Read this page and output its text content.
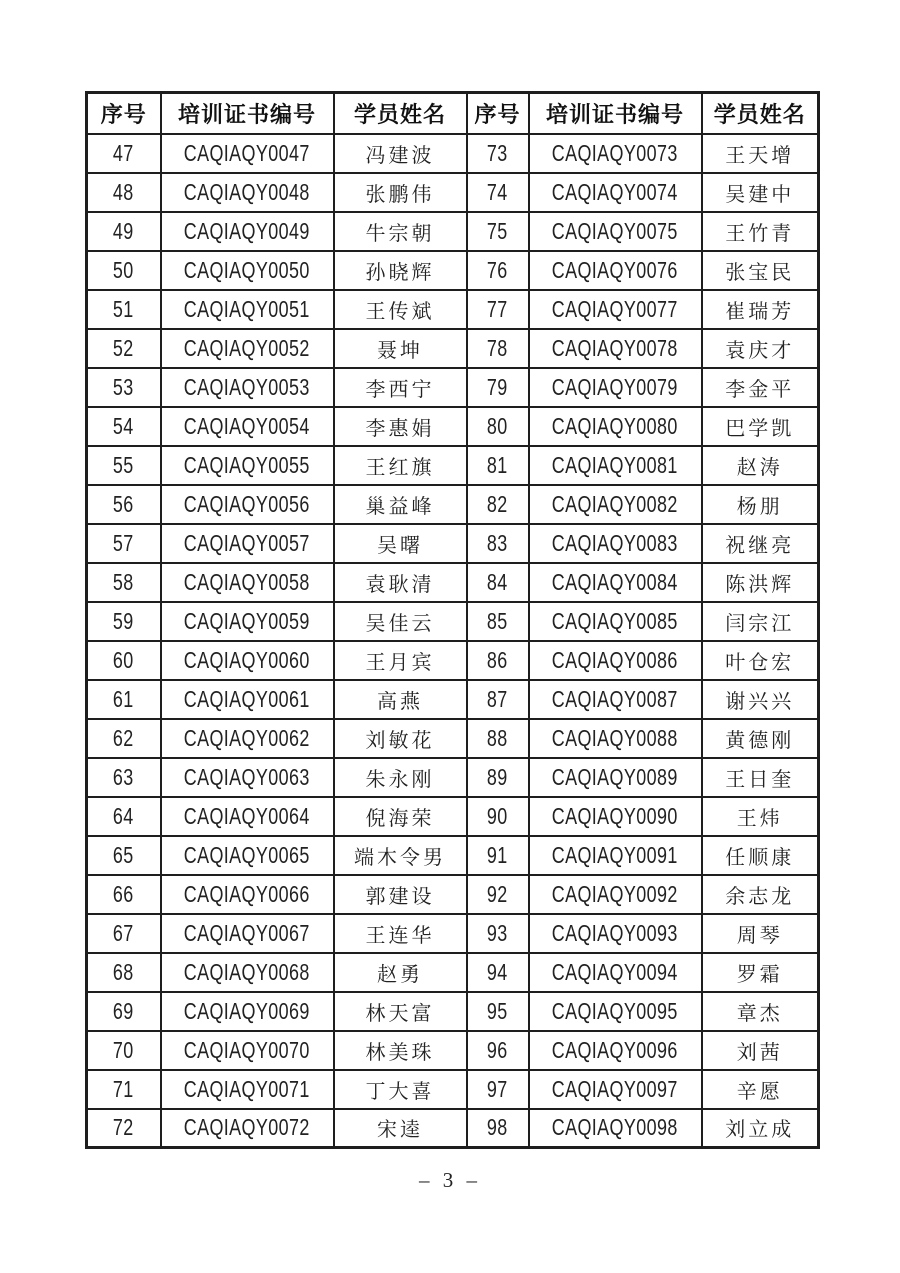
序号	培训证书编号	学员姓名	序号	培训证书编号	学员姓名
47	CAQIAQY0047	冯建波	73	CAQIAQY0073	王天增
48	CAQIAQY0048	张鹏伟	74	CAQIAQY0074	吴建中
49	CAQIAQY0049	牛宗朝	75	CAQIAQY0075	王竹青
50	CAQIAQY0050	孙晓辉	76	CAQIAQY0076	张宝民
51	CAQIAQY0051	王传斌	77	CAQIAQY0077	崔瑞芳
52	CAQIAQY0052	聂坤	78	CAQIAQY0078	袁庆才
53	CAQIAQY0053	李西宁	79	CAQIAQY0079	李金平
54	CAQIAQY0054	李惠娟	80	CAQIAQY0080	巴学凯
55	CAQIAQY0055	王红旗	81	CAQIAQY0081	赵涛
56	CAQIAQY0056	巢益峰	82	CAQIAQY0082	杨朋
57	CAQIAQY0057	吴曙	83	CAQIAQY0083	祝继亮
58	CAQIAQY0058	袁耿清	84	CAQIAQY0084	陈洪辉
59	CAQIAQY0059	吴佳云	85	CAQIAQY0085	闫宗江
60	CAQIAQY0060	王月宾	86	CAQIAQY0086	叶仓宏
61	CAQIAQY0061	高燕	87	CAQIAQY0087	谢兴兴
62	CAQIAQY0062	刘敏花	88	CAQIAQY0088	黄德刚
63	CAQIAQY0063	朱永刚	89	CAQIAQY0089	王日奎
64	CAQIAQY0064	倪海荣	90	CAQIAQY0090	王炜
65	CAQIAQY0065	端木令男	91	CAQIAQY0091	任顺康
66	CAQIAQY0066	郭建设	92	CAQIAQY0092	余志龙
67	CAQIAQY0067	王连华	93	CAQIAQY0093	周琴
68	CAQIAQY0068	赵勇	94	CAQIAQY0094	罗霜
69	CAQIAQY0069	林天富	95	CAQIAQY0095	章杰
70	CAQIAQY0070	林美珠	96	CAQIAQY0096	刘茜
71	CAQIAQY0071	丁大喜	97	CAQIAQY0097	辛愿
72	CAQIAQY0072	宋逵	98	CAQIAQY0098	刘立成
– 3 –
